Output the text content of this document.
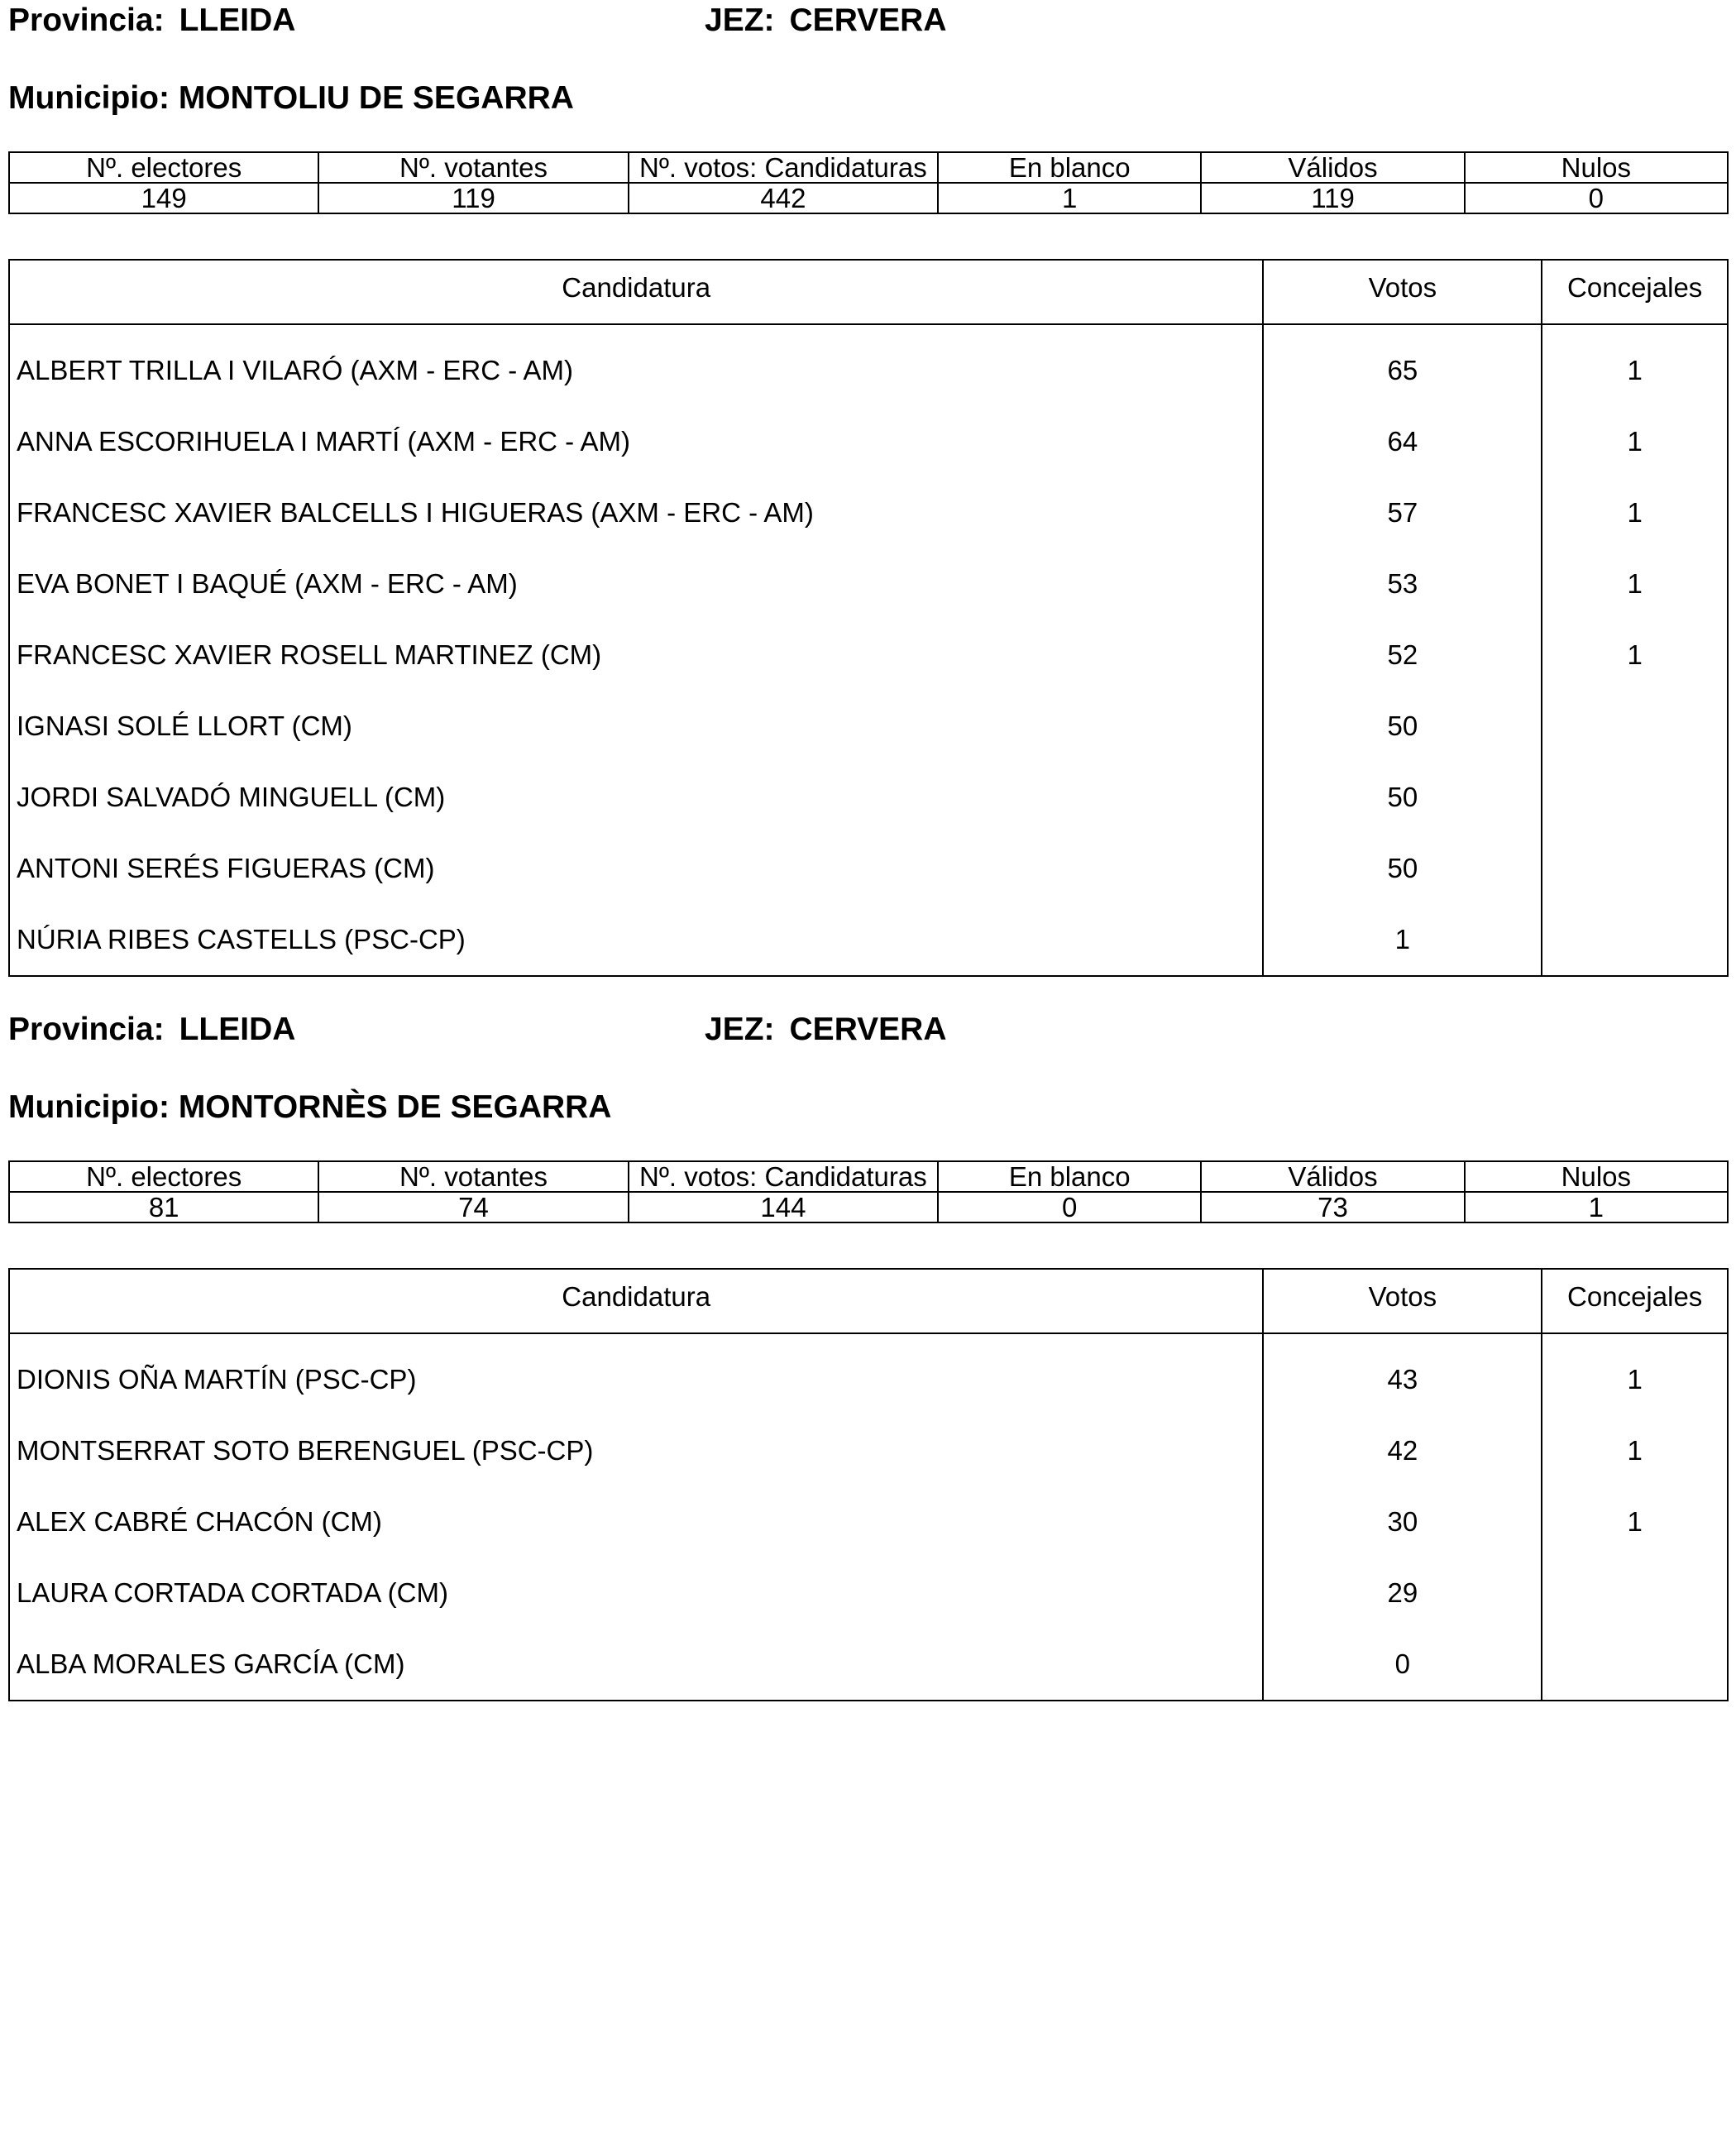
Provincia: LLEIDA	JEZ: CERVERA
Municipio: MONTOLIU DE SEGARRA
Nº. electores	Nº. votantes	Nº. votos: Candidaturas	En blanco	Válidos	Nulos
149	119	442	1	119	0
Candidatura	Votos	Concejales
ALBERT TRILLA I VILARÓ (AXM - ERC - AM)	65	1
ANNA ESCORIHUELA I MARTÍ (AXM - ERC - AM)	64	1
FRANCESC XAVIER BALCELLS I HIGUERAS (AXM - ERC - AM)	57	1
EVA BONET I BAQUÉ (AXM - ERC - AM)	53	1
FRANCESC XAVIER ROSELL MARTINEZ (CM)	52	1
IGNASI SOLÉ LLORT (CM)	50	
JORDI SALVADÓ MINGUELL (CM)	50	
ANTONI SERÉS FIGUERAS (CM)	50	
NÚRIA RIBES CASTELLS (PSC-CP)	1	
Provincia: LLEIDA	JEZ: CERVERA
Municipio: MONTORNÈS DE SEGARRA
Nº. electores	Nº. votantes	Nº. votos: Candidaturas	En blanco	Válidos	Nulos
81	74	144	0	73	1
Candidatura	Votos	Concejales
DIONIS OÑA MARTÍN (PSC-CP)	43	1
MONTSERRAT SOTO BERENGUEL (PSC-CP)	42	1
ALEX CABRÉ CHACÓN (CM)	30	1
LAURA CORTADA CORTADA (CM)	29	
ALBA MORALES GARCÍA (CM)	0	
